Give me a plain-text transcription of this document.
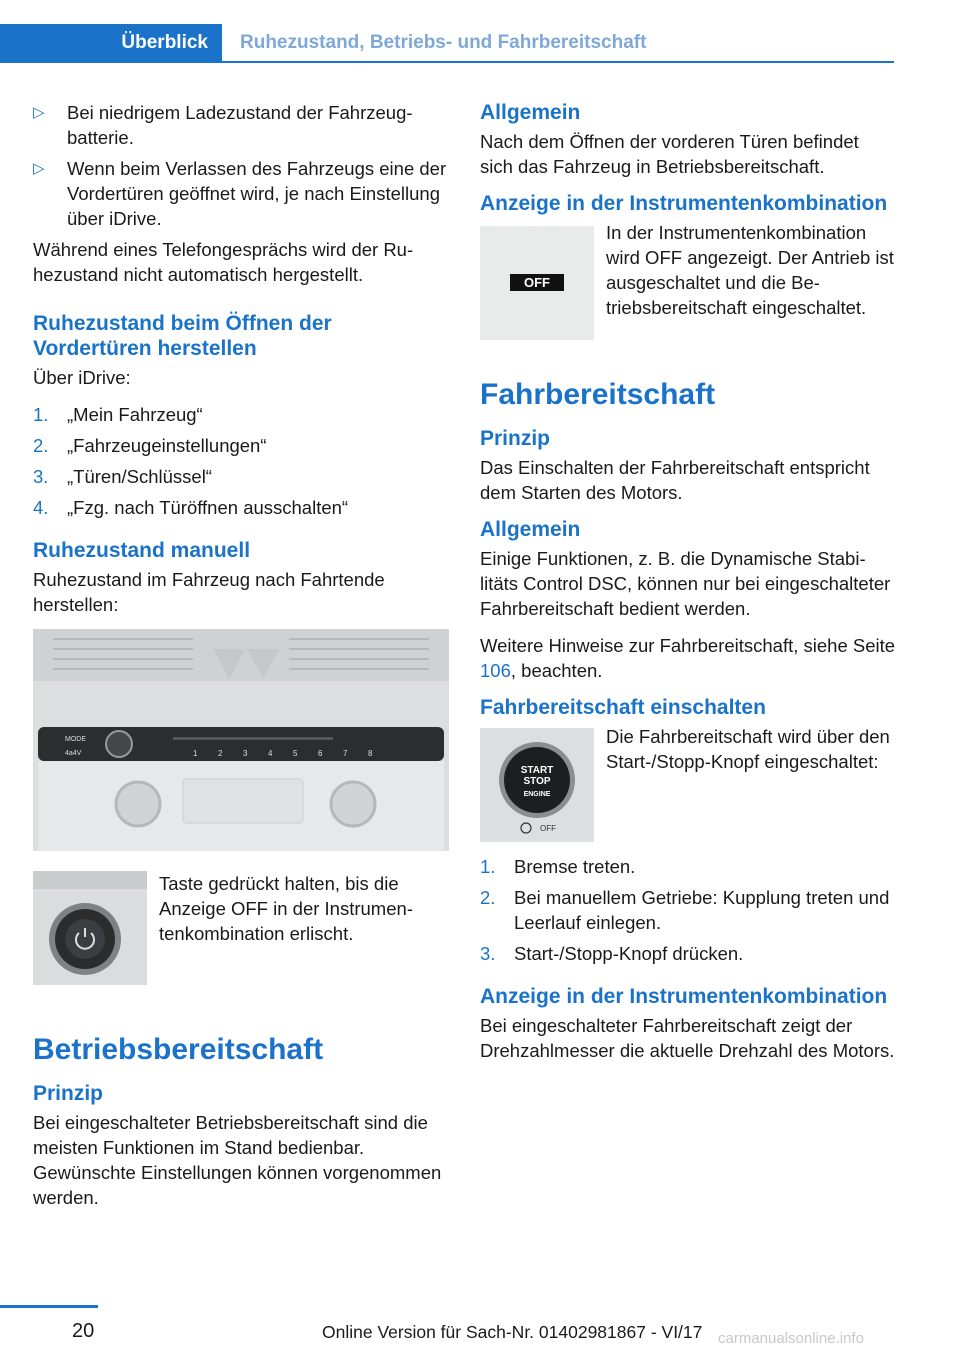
Überblick	Ruhezustand, Betriebs- und Fahrbereitschaft
▷ Bei niedrigem Ladezustand der Fahrzeugbatterie.
▷ Wenn beim Verlassen des Fahrzeugs eine der Vordertüren geöffnet wird, je nach Einstellung über iDrive.

Während eines Telefongesprächs wird der Ruhezustand nicht automatisch hergestellt.

Ruhezustand beim Öffnen der Vordertüren herstellen

Über iDrive:

1. „Mein Fahrzeug“
2. „Fahrzeugeinstellungen“
3. „Türen/Schlüssel“
4. „Fzg. nach Türöffnen ausschalten“
Ruhezustand manuell

Ruhezustand im Fahrzeug nach Fahrtende herstellen:

MODE
4a4V	1	2	3	4	5	6	7	8
Taste gedrückt halten, bis die Anzeige OFF in der Instrumentenkombination erlischt.
Betriebsbereitschaft
Prinzip

Bei eingeschalteter Betriebsbereitschaft sind die meisten Funktionen im Stand bedienbar. Gewünschte Einstellungen können vorgenommen werden.

Allgemein

Nach dem Öffnen der vorderen Türen befindet sich das Fahrzeug in Betriebsbereitschaft.

Anzeige in der Instrumentenkombination
OFF
In der Instrumentenkombination wird OFF angezeigt. Der Antrieb ist ausgeschaltet und die Betriebsbereitschaft eingeschaltet.
Fahrbereitschaft
Prinzip

Das Einschalten der Fahrbereitschaft entspricht dem Starten des Motors.

Allgemein

Einige Funktionen, z. B. die Dynamische Stabilitäts Control DSC, können nur bei eingeschalteter Fahrbereitschaft bedient werden.

Weitere Hinweise zur Fahrbereitschaft, siehe Seite 106, beachten.

Fahrbereitschaft einschalten
START
STOP
ENGINE
OFF
Die Fahrbereitschaft wird über den Start-/Stopp-Knopf eingeschaltet:
1. Bremse treten.
2. Bei manuellem Getriebe: Kupplung treten und Leerlauf einlegen.
3. Start-/Stopp-Knopf drücken.
Anzeige in der Instrumentenkombination

Bei eingeschalteter Fahrbereitschaft zeigt der Drehzahlmesser die aktuelle Drehzahl des Motors.

20	Online Version für Sach-Nr. 01402981867 - VI/17 carmanualsonline.info
